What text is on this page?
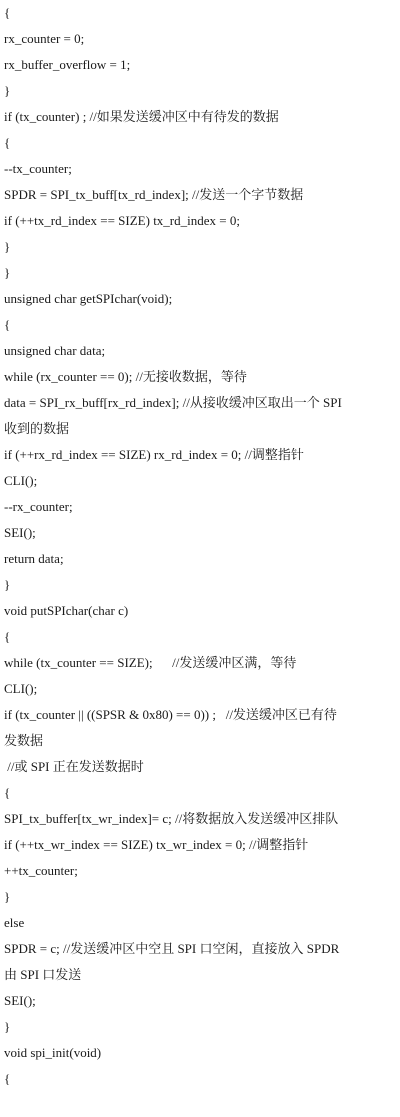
{
rx_counter = 0;
rx_buffer_overflow = 1;
}
if (tx_counter) ; //如果发送缓冲区中有待发的数据
{
--tx_counter;
SPDR = SPI_tx_buff[tx_rd_index]; //发送一个字节数据
if (++tx_rd_index == SIZE) tx_rd_index = 0;
}
}
unsigned char getSPIchar(void);
{
unsigned char data;
while (rx_counter == 0); //无接收数据，等待
data = SPI_rx_buff[rx_rd_index]; //从接收缓冲区取出一个 SPI
收到的数据
if (++rx_rd_index == SIZE) rx_rd_index = 0; //调整指针
CLI();
--rx_counter;
SEI();
return data;
}
void putSPIchar(char c)
{
while (tx_counter == SIZE);      //发送缓冲区满，等待
CLI();
if (tx_counter || ((SPSR & 0x80) == 0)) ;   //发送缓冲区已有待
发数据
//或 SPI 正在发送数据时
{
SPI_tx_buffer[tx_wr_index]= c; //将数据放入发送缓冲区排队
if (++tx_wr_index == SIZE) tx_wr_index = 0; //调整指针
++tx_counter;
}
else
SPDR = c; //发送缓冲区中空且 SPI 口空闲，直接放入 SPDR
由 SPI 口发送
SEI();
}
void spi_init(void)
{
